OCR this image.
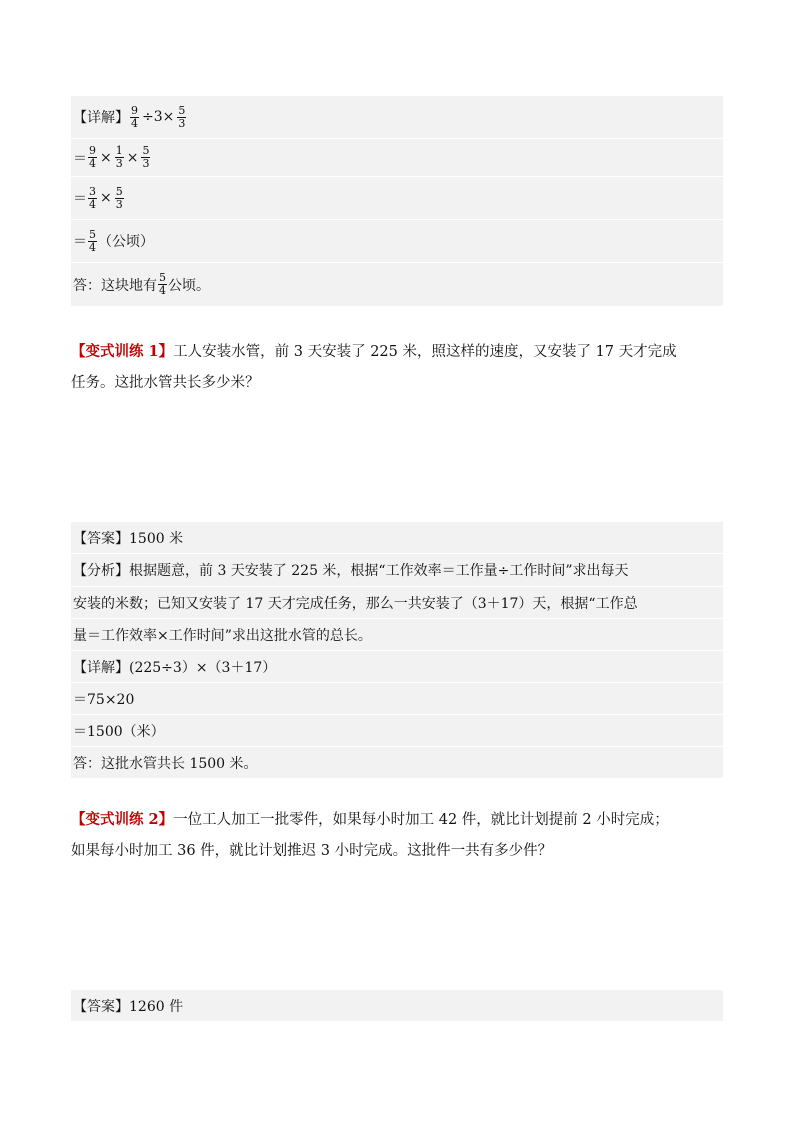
【详解】 $\frac{9}{4} \div 3\times \frac{5}{3}$
＝ $\frac{9}{4} \times \frac{1}{3} \times \frac{5}{3}$
＝ $\frac{3}{4} \times \frac{5}{3}$
＝ $\frac{5}{4}$ （公顷）
答：这块地有 $\frac{5}{4}$ 公顷。
【变式训练 1】工人安装水管，前 3 天安装了 225 米，照这样的速度，又安装了 17 天才完成
任务。这批水管共长多少米？
【答案】1500 米
【分析】根据题意，前 3 天安装了 225 米，根据“工作效率＝工作量÷工作时间”求出每天
安装的米数；已知又安装了 17 天才完成任务，那么一共安装了（3＋17）天，根据“工作总
量＝工作效率×工作时间”求出这批水管的总长。
【详解】(225÷3）×（3＋17）
＝75×20
＝1500（米）
答：这批水管共长 1500 米。
【变式训练 2】一位工人加工一批零件，如果每小时加工 42 件，就比计划提前 2 小时完成；
如果每小时加工 36 件，就比计划推迟 3 小时完成。这批件一共有多少件？
【答案】1260 件
